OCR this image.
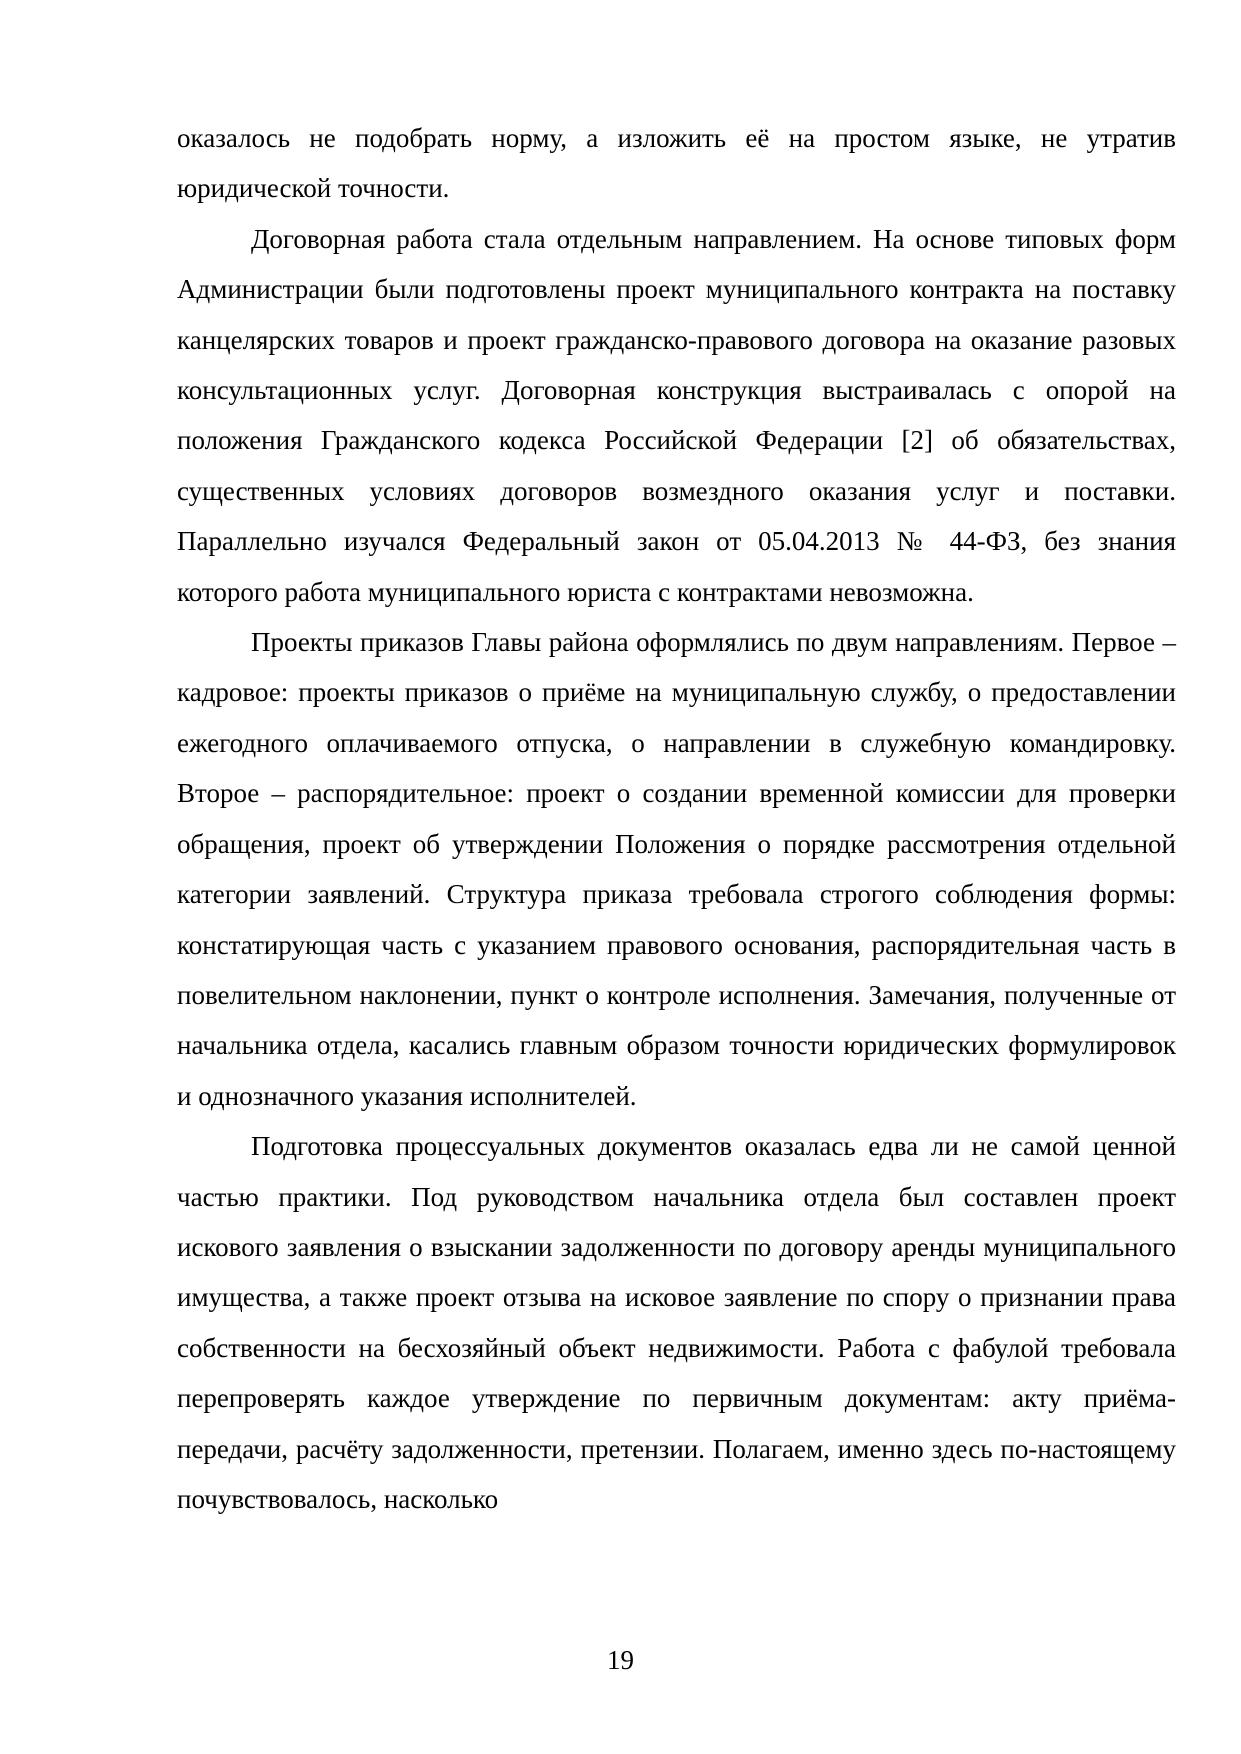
оказалось не подобрать норму, а изложить её на простом языке, не утратив юридической точности.

Договорная работа стала отдельным направлением. На основе типовых форм Администрации были подготовлены проект муниципального контракта на поставку канцелярских товаров и проект гражданско-правового договора на оказание разовых консультационных услуг. Договорная конструкция выстраивалась с опорой на положения Гражданского кодекса Российской Федерации [2] об обязательствах, существенных условиях договоров возмездного оказания услуг и поставки. Параллельно изучался Федеральный закон от 05.04.2013 № 44-ФЗ, без знания которого работа муниципального юриста с контрактами невозможна.

Проекты приказов Главы района оформлялись по двум направлениям. Первое – кадровое: проекты приказов о приёме на муниципальную службу, о предоставлении ежегодного оплачиваемого отпуска, о направлении в служебную командировку. Второе – распорядительное: проект о создании временной комиссии для проверки обращения, проект об утверждении Положения о порядке рассмотрения отдельной категории заявлений. Структура приказа требовала строгого соблюдения формы: констатирующая часть с указанием правового основания, распорядительная часть в повелительном наклонении, пункт о контроле исполнения. Замечания, полученные от начальника отдела, касались главным образом точности юридических формулировок и однозначного указания исполнителей.

Подготовка процессуальных документов оказалась едва ли не самой ценной частью практики. Под руководством начальника отдела был составлен проект искового заявления о взыскании задолженности по договору аренды муниципального имущества, а также проект отзыва на исковое заявление по спору о признании права собственности на бесхозяйный объект недвижимости. Работа с фабулой требовала перепроверять каждое утверждение по первичным документам: акту приёма-передачи, расчёту задолженности, претензии. Полагаем, именно здесь по-настоящему почувствовалось, насколько

19
